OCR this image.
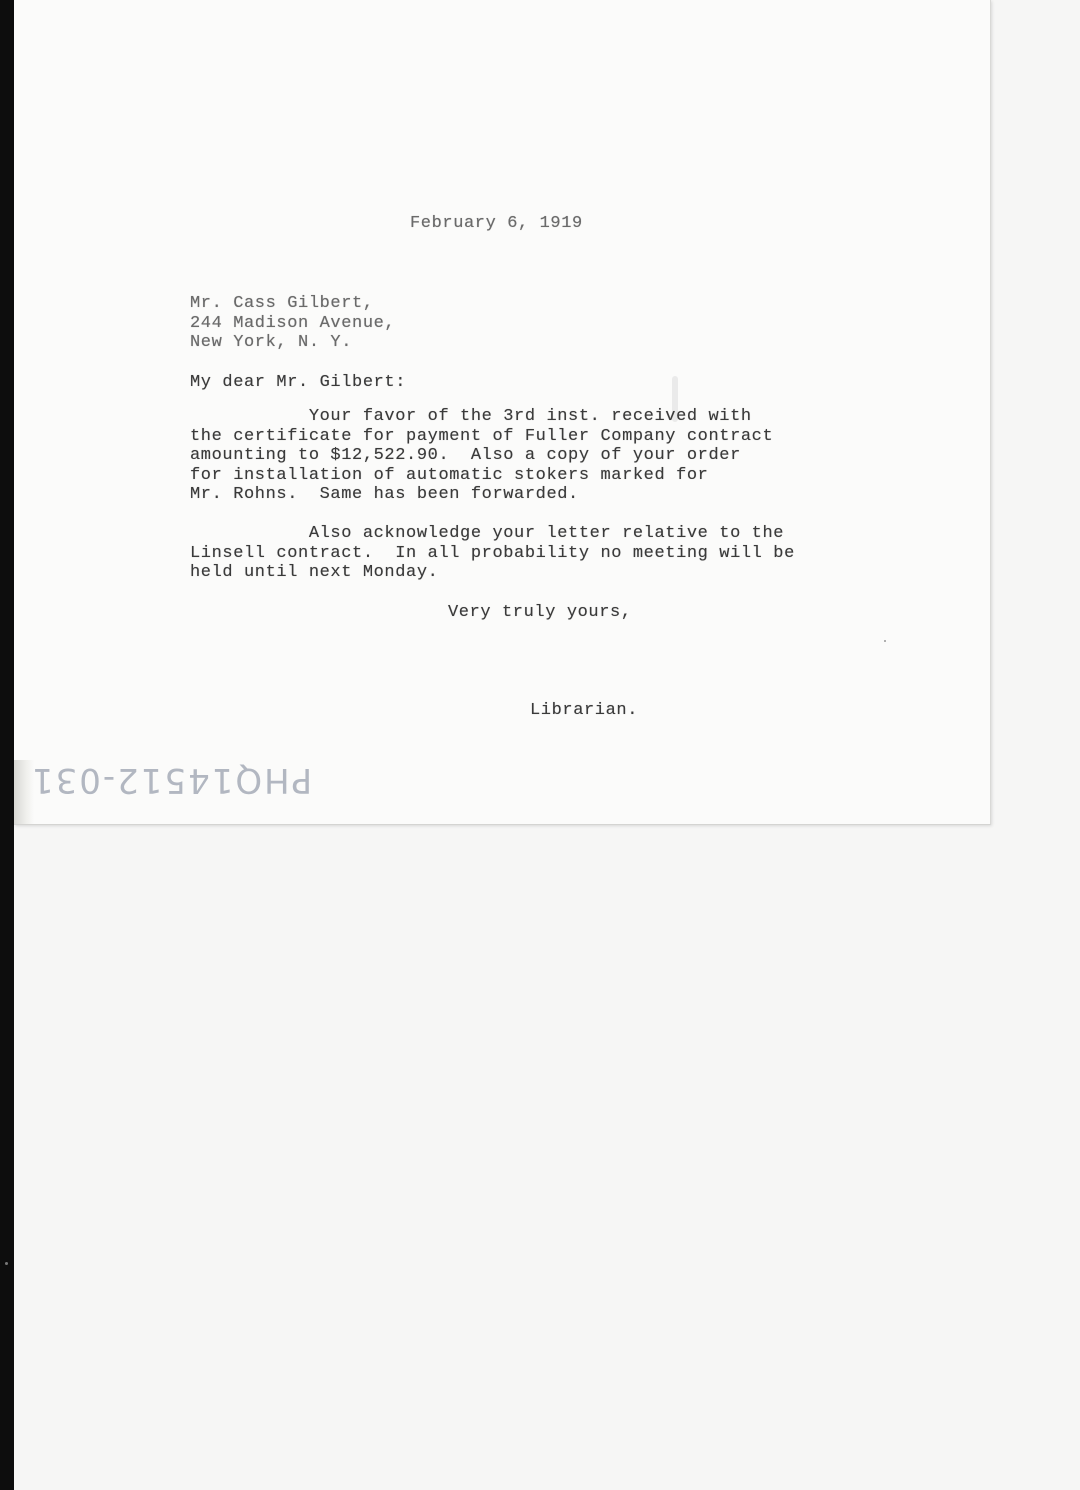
February 6, 1919
Mr. Cass Gilbert,
244 Madison Avenue,
New York, N. Y.
My dear Mr. Gilbert:
Your favor of the 3rd inst. received with
the certificate for payment of Fuller Company contract
amounting to $12,522.90.  Also a copy of your order
for installation of automatic stokers marked for
Mr. Rohns.  Same has been forwarded.
Also acknowledge your letter relative to the
Linsell contract.  In all probability no meeting will be
held until next Monday.
Very truly yours,
Librarian.
PHQ14512-031
